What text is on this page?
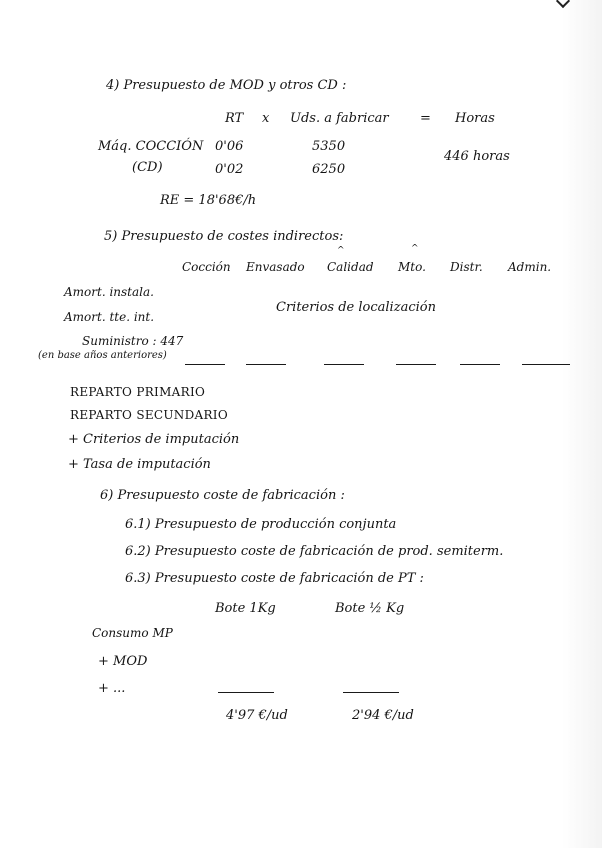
4) Presupuesto de MOD y otros CD :
RT x Uds. a fabricar = Horas
Máq. COCCIÓN 0'06	5350
(CD)	0'02	6250
446 horas
RE = 18'68€/h
5) Presupuesto de costes indirectos:
^	^
Cocción Envasado Calidad Mto. Distr. Admin.
Amort. instala.
Amort. tte. int.
Criterios de localización
Suministro : 447
(en base años anteriores)
REPARTO PRIMARIO
REPARTO SECUNDARIO
+ Criterios de imputación
+ Tasa de imputación
6) Presupuesto coste de fabricación :
6.1) Presupuesto de producción conjunta
6.2) Presupuesto coste de fabricación de prod. semiterm.
6.3) Presupuesto coste de fabricación de PT :
Bote 1Kg	Bote ½ Kg
Consumo MP
+ MOD
+ ...
4'97 €/ud	2'94 €/ud
